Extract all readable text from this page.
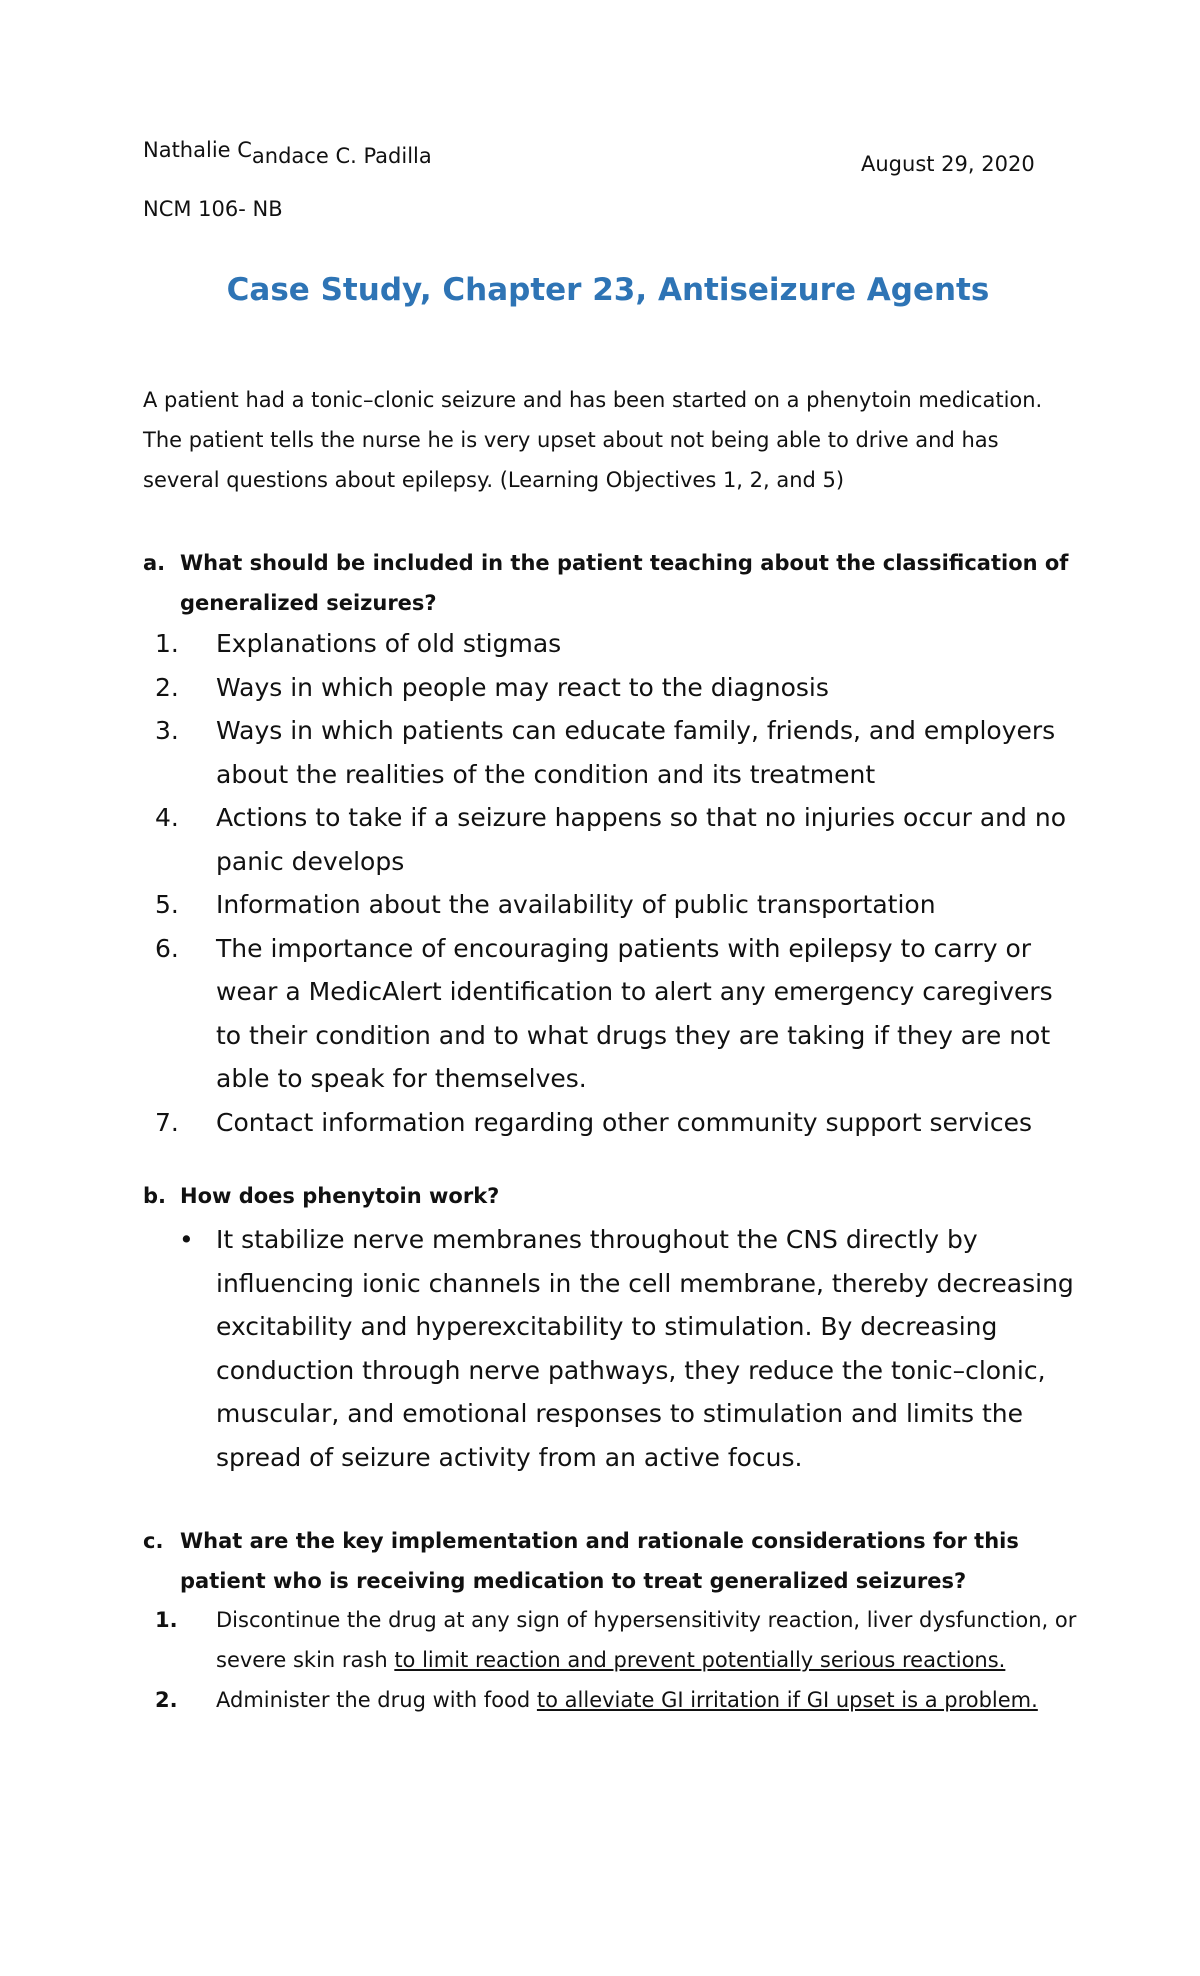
Nathalie Candace C. Padilla	August 29, 2020
NCM 106- NB
Case Study, Chapter 23, Antiseizure Agents
A patient had a tonic–clonic seizure and has been started on a phenytoin medication. The patient tells the nurse he is very upset about not being able to drive and has several questions about epilepsy. (Learning Objectives 1, 2, and 5)
a. What should be included in the patient teaching about the classification of generalized seizures?
1. Explanations of old stigmas
2. Ways in which people may react to the diagnosis
3. Ways in which patients can educate family, friends, and employers about the realities of the condition and its treatment
4. Actions to take if a seizure happens so that no injuries occur and no panic develops
5. Information about the availability of public transportation
6. The importance of encouraging patients with epilepsy to carry or wear a MedicAlert identification to alert any emergency caregivers to their condition and to what drugs they are taking if they are not able to speak for themselves.
7. Contact information regarding other community support services
b. How does phenytoin work?
• It stabilize nerve membranes throughout the CNS directly by influencing ionic channels in the cell membrane, thereby decreasing excitability and hyperexcitability to stimulation. By decreasing conduction through nerve pathways, they reduce the tonic–clonic, muscular, and emotional responses to stimulation and limits the spread of seizure activity from an active focus.
c. What are the key implementation and rationale considerations for this patient who is receiving medication to treat generalized seizures?
1. Discontinue the drug at any sign of hypersensitivity reaction, liver dysfunction, or severe skin rash to limit reaction and prevent potentially serious reactions.
2. Administer the drug with food to alleviate GI irritation if GI upset is a problem.
